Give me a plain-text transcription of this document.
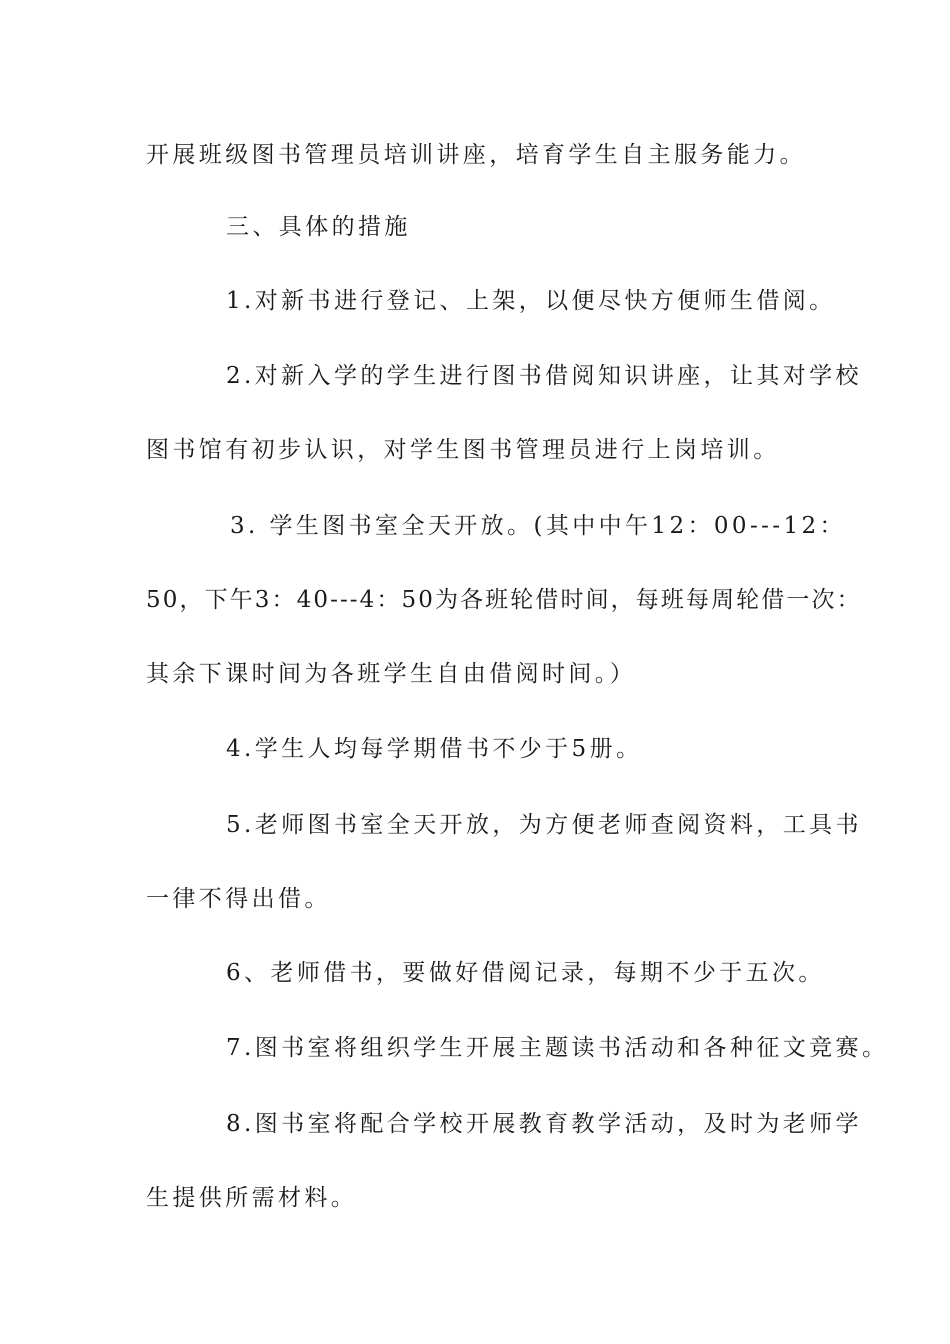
开展班级图书管理员培训讲座，培育学生自主服务能力。
三、具体的措施
1.对新书进行登记、上架，以便尽快方便师生借阅。
2.对新入学的学生进行图书借阅知识讲座，让其对学校
图书馆有初步认识，对学生图书管理员进行上岗培训。
3. 学生图书室全天开放。(其中中午12：00---12：
50，下午3：40---4：50为各班轮借时间，每班每周轮借一次：
其余下课时间为各班学生自由借阅时间。）
4.学生人均每学期借书不少于5册。
5.老师图书室全天开放，为方便老师查阅资料，工具书
一律不得出借。
6、老师借书，要做好借阅记录，每期不少于五次。
7.图书室将组织学生开展主题读书活动和各种征文竞赛。
8.图书室将配合学校开展教育教学活动，及时为老师学
生提供所需材料。
